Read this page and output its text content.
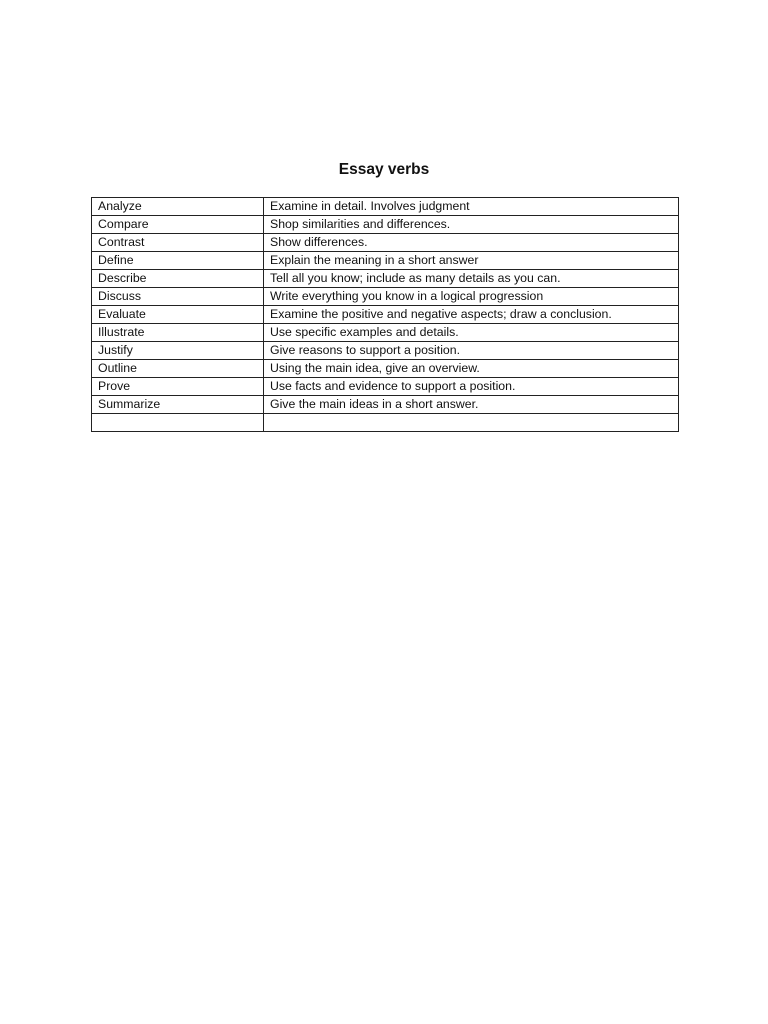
Essay verbs
Analyze	Examine in detail. Involves judgment
Compare	Shop similarities and differences.
Contrast	Show differences.
Define	Explain the meaning in a short answer
Describe	Tell all you know; include as many details as you can.
Discuss	Write everything you know in a logical progression
Evaluate	Examine the positive and negative aspects; draw a conclusion.
Illustrate	Use specific examples and details.
Justify	Give reasons to support a position.
Outline	Using the main idea, give an overview.
Prove	Use facts and evidence to support a position.
Summarize	Give the main ideas in a short answer.
